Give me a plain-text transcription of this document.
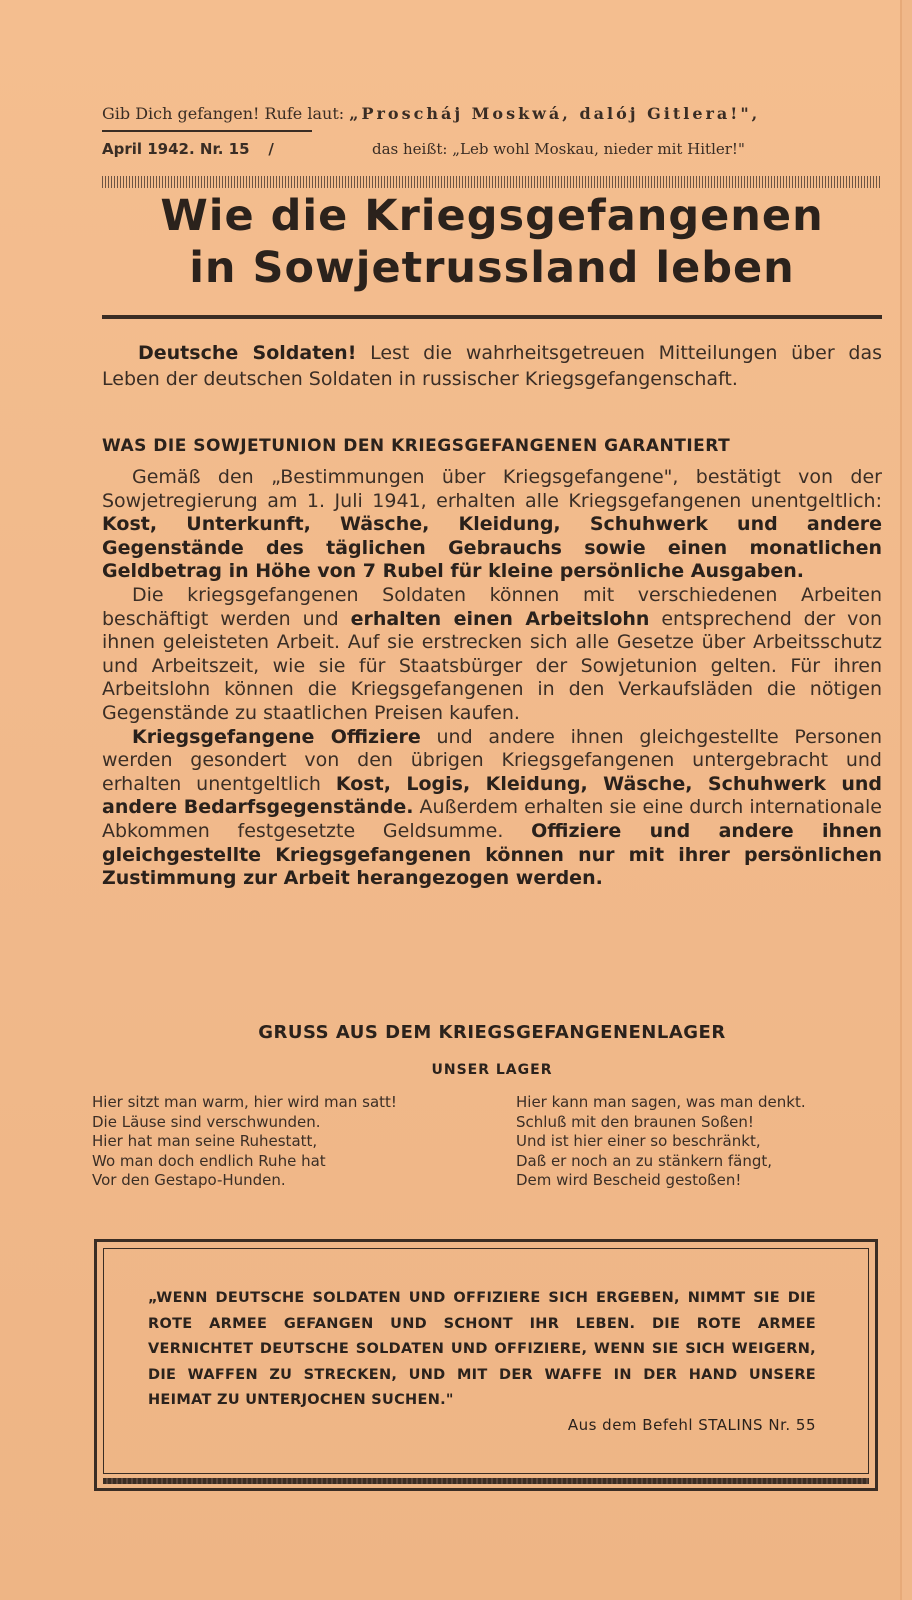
Gib Dich gefangen! Rufe laut: „Proscháj Moskwá, dalój Gitlera!",
April 1942. Nr. 15 /	das heißt: „Leb wohl Moskau, nieder mit Hitler!"
Wie die Kriegsgefangenen
in Sowjetrussland leben
Deutsche Soldaten! Lest die wahrheitsgetreuen Mitteilungen über das Leben der deutschen Soldaten in russischer Kriegsgefangenschaft.
WAS DIE SOWJETUNION DEN KRIEGSGEFANGENEN GARANTIERT

Gemäß den „Bestimmungen über Kriegsgefangene", bestätigt von der Sowjetregierung am 1. Juli 1941, erhalten alle Kriegsgefangenen unentgeltlich: Kost, Unterkunft, Wäsche, Kleidung, Schuhwerk und andere Gegenstände des täglichen Gebrauchs sowie einen monatlichen Geldbetrag in Höhe von 7 Rubel für kleine persönliche Ausgaben.

Die kriegsgefangenen Soldaten können mit verschiedenen Arbeiten beschäftigt werden und erhalten einen Arbeitslohn entsprechend der von ihnen geleisteten Arbeit. Auf sie erstrecken sich alle Gesetze über Arbeitsschutz und Arbeitszeit, wie sie für Staatsbürger der Sowjetunion gelten. Für ihren Arbeitslohn können die Kriegsgefangenen in den Verkaufsläden die nötigen Gegenstände zu staatlichen Preisen kaufen.

Kriegsgefangene Offiziere und andere ihnen gleichgestellte Personen werden gesondert von den übrigen Kriegsgefangenen untergebracht und erhalten unentgeltlich Kost, Logis, Kleidung, Wäsche, Schuhwerk und andere Bedarfsgegenstände. Außerdem erhalten sie eine durch internationale Abkommen festgesetzte Geldsumme. Offiziere und andere ihnen gleichgestellte Kriegsgefangenen können nur mit ihrer persönlichen Zustimmung zur Arbeit herangezogen werden.

GRUSS AUS DEM KRIEGSGEFANGENENLAGER
UNSER LAGER
Hier sitzt man warm, hier wird man satt!
Die Läuse sind verschwunden.
Hier hat man seine Ruhestatt,
Wo man doch endlich Ruhe hat
Vor den Gestapo-Hunden.
Hier kann man sagen, was man denkt.
Schluß mit den braunen Soßen!
Und ist hier einer so beschränkt,
Daß er noch an zu stänkern fängt,
Dem wird Bescheid gestoßen!
„WENN DEUTSCHE SOLDATEN UND OFFIZIERE SICH ERGEBEN, NIMMT SIE DIE ROTE ARMEE GEFANGEN UND SCHONT IHR LEBEN. DIE ROTE ARMEE VERNICHTET DEUTSCHE SOLDATEN UND OFFIZIERE, WENN SIE SICH WEIGERN, DIE WAFFEN ZU STRECKEN, UND MIT DER WAFFE IN DER HAND UNSERE HEIMAT ZU UNTERJOCHEN SUCHEN."
Aus dem Befehl STALINS Nr. 55
